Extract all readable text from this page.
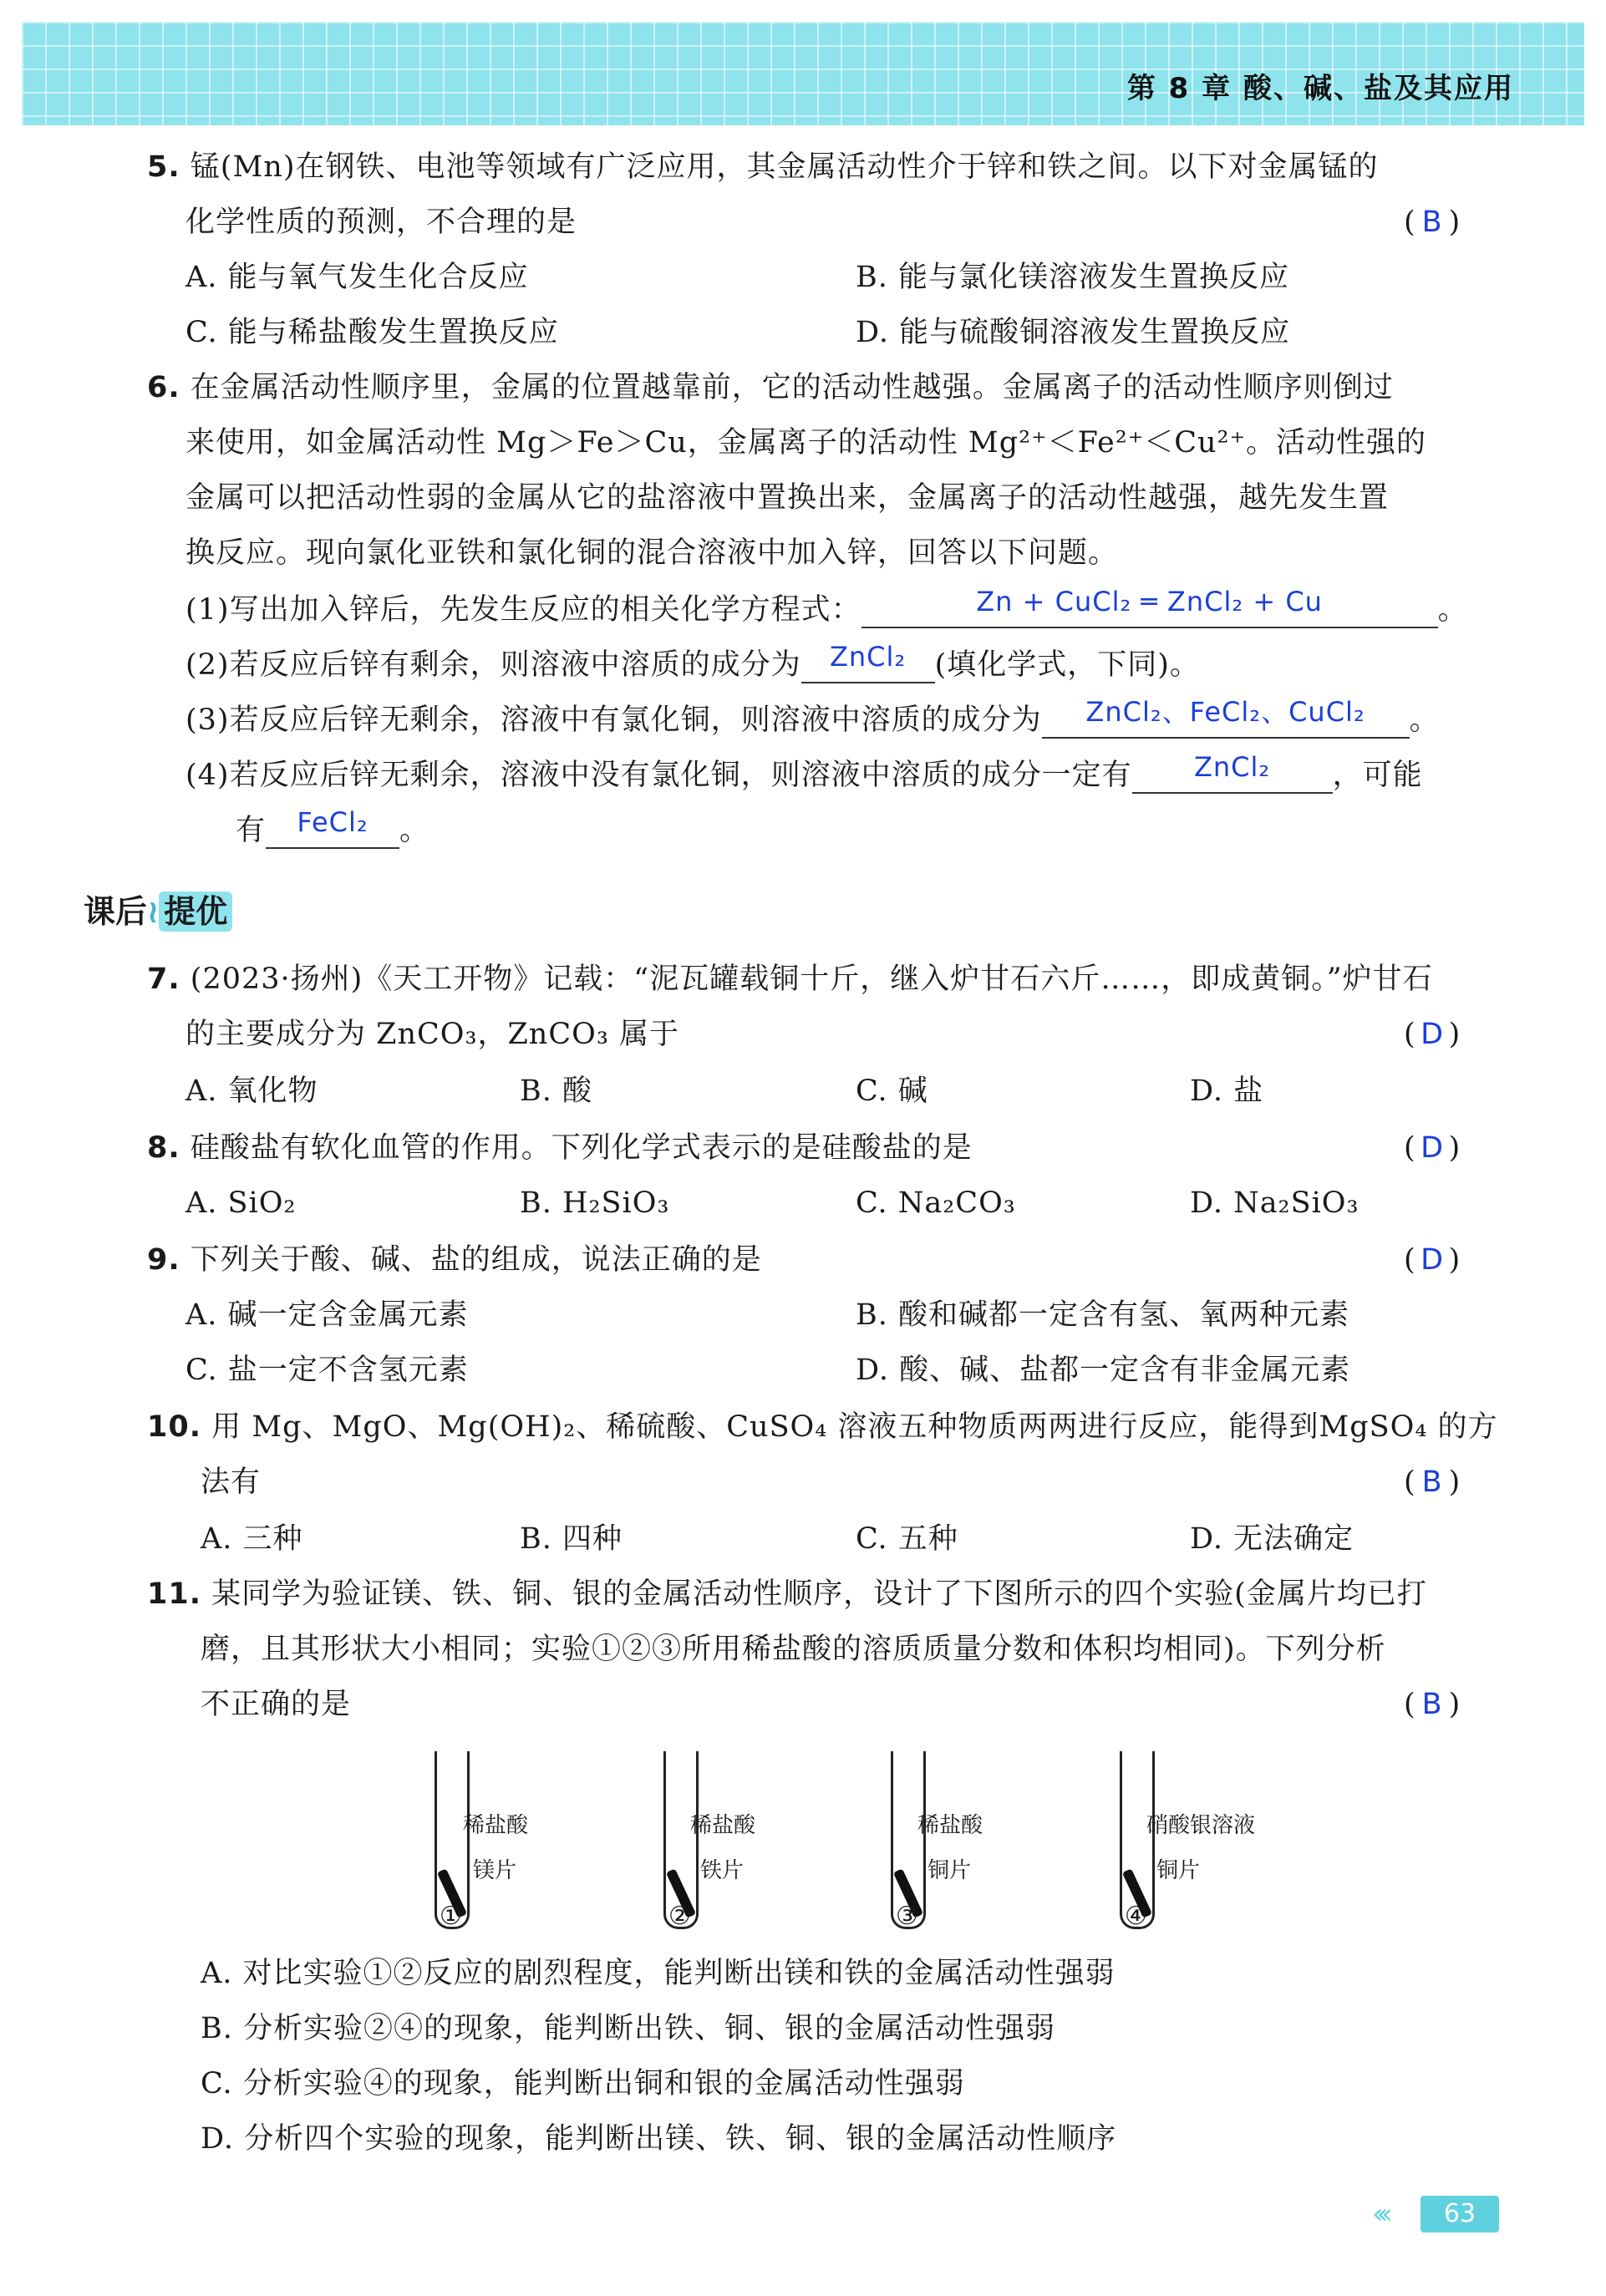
第 8 章 酸、碱、盐及其应用
5. 锰(Mn)在钢铁、电池等领域有广泛应用，其金属活动性介于锌和铁之间。以下对金属锰的
化学性质的预测，不合理的是	( B )
A. 能与氧气发生化合反应	B. 能与氯化镁溶液发生置换反应
C. 能与稀盐酸发生置换反应	D. 能与硫酸铜溶液发生置换反应
6. 在金属活动性顺序里，金属的位置越靠前，它的活动性越强。金属离子的活动性顺序则倒过
来使用，如金属活动性 Mg＞Fe＞Cu，金属离子的活动性 Mg²⁺＜Fe²⁺＜Cu²⁺。活动性强的
金属可以把活动性弱的金属从它的盐溶液中置换出来，金属离子的活动性越强，越先发生置
换反应。现向氯化亚铁和氯化铜的混合溶液中加入锌，回答以下问题。
(1)写出加入锌后，先发生反应的相关化学方程式：	Zn + CuCl₂ ═ ZnCl₂ + Cu	。
(2)若反应后锌有剩余，则溶液中溶质的成分为 ZnCl₂ (填化学式，下同)。
(3)若反应后锌无剩余，溶液中有氯化铜，则溶液中溶质的成分为 ZnCl₂、FeCl₂、CuCl₂ 。
(4)若反应后锌无剩余，溶液中没有氯化铜，则溶液中溶质的成分一定有 ZnCl₂ ，可能
有 FeCl₂ 。
课后≀ 提优
7. (2023·扬州)《天工开物》记载：“泥瓦罐载铜十斤，继入炉甘石六斤……，即成黄铜。”炉甘石
的主要成分为 ZnCO₃，ZnCO₃ 属于	( D )
A. 氧化物	B. 酸	C. 碱	D. 盐
8. 硅酸盐有软化血管的作用。下列化学式表示的是硅酸盐的是	( D )
A. SiO₂	B. H₂SiO₃	C. Na₂CO₃	D. Na₂SiO₃
9. 下列关于酸、碱、盐的组成，说法正确的是	( D )
A. 碱一定含金属元素	B. 酸和碱都一定含有氢、氧两种元素
C. 盐一定不含氢元素	D. 酸、碱、盐都一定含有非金属元素
10. 用 Mg、MgO、Mg(OH)₂、稀硫酸、CuSO₄ 溶液五种物质两两进行反应，能得到MgSO₄ 的方
法有	( B )
A. 三种	B. 四种	C. 五种	D. 无法确定
11. 某同学为验证镁、铁、铜、银的金属活动性顺序，设计了下图所示的四个实验(金属片均已打
磨，且其形状大小相同；实验①②③所用稀盐酸的溶质质量分数和体积均相同)。下列分析
不正确的是	( B )
稀盐酸
镁片
①
稀盐酸
铁片
②
稀盐酸
铜片
③
硝酸银溶液
铜片
④
A. 对比实验①②反应的剧烈程度，能判断出镁和铁的金属活动性强弱
B. 分析实验②④的现象，能判断出铁、铜、银的金属活动性强弱
C. 分析实验④的现象，能判断出铜和银的金属活动性强弱
D. 分析四个实验的现象，能判断出镁、铁、铜、银的金属活动性顺序
‹‹‹	63
